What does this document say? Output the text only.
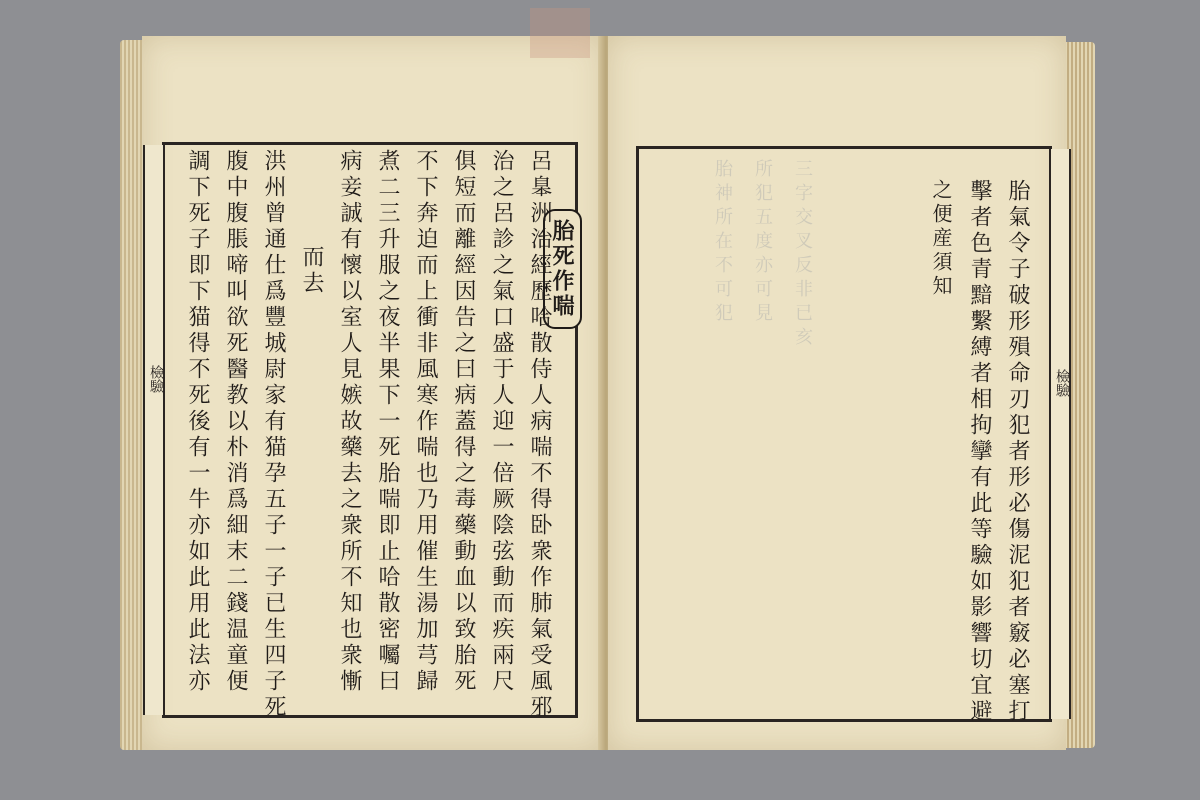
檢驗
胎死作喘
呂𦤎洲治經歷哈散侍人病喘不得卧衆作肺氣受風邪
治之呂診之氣口盛于人迎一倍厥陰弦動而疾兩尺
俱短而離經因告之曰病蓋得之毒藥動血以致胎死
不下奔迫而上衝非風寒作喘也乃用催生湯加芎歸
煮二三升服之夜半果下一死胎喘即止哈散密囑曰
病妾誠有懷以室人見嫉故藥去之衆所不知也衆慚
而去
洪州曾通仕爲豐城尉家有猫孕五子一子已生四子死
腹中腹脹啼叫欲死醫教以朴消爲細末二錢温童便
調下死子即下猫得不死後有一牛亦如此用此法亦	檢驗
三字交叉反非已亥
所犯五度亦可見
胎神所在不可犯	胎氣令子破形殞命刃犯者形必傷泥犯者竅必塞打
擊者色青黯繫縛者相拘攣有此等驗如影響切宜避
之便産須知
